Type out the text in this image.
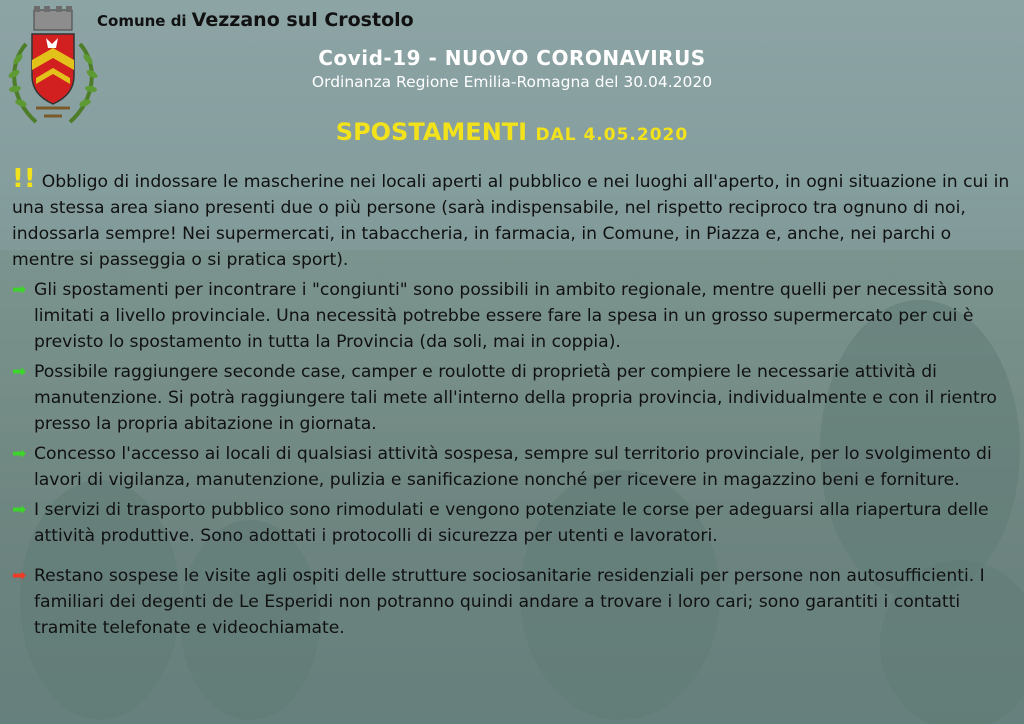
Comune di Vezzano sul Crostolo
Covid-19 - NUOVO CORONAVIRUS
Ordinanza Regione Emilia-Romagna del 30.04.2020
SPOSTAMENTI DAL 4.05.2020

!! Obbligo di indossare le mascherine nei locali aperti al pubblico e nei luoghi all'aperto, in ogni situazione in cui in una stessa area siano presenti due o più persone (sarà indispensabile, nel rispetto reciproco tra ognuno di noi, indossarla sempre! Nei supermercati, in tabaccheria, in farmacia, in Comune, in Piazza e, anche, nei parchi o mentre si passeggia o si pratica sport).

➡ Gli spostamenti per incontrare i "congiunti" sono possibili in ambito regionale, mentre quelli per necessità sono limitati a livello provinciale. Una necessità potrebbe essere fare la spesa in un grosso supermercato per cui è previsto lo spostamento in tutta la Provincia (da soli, mai in coppia).
➡ Possibile raggiungere seconde case, camper e roulotte di proprietà per compiere le necessarie attività di manutenzione. Si potrà raggiungere tali mete all'interno della propria provincia, individualmente e con il rientro presso la propria abitazione in giornata.
➡ Concesso l'accesso ai locali di qualsiasi attività sospesa, sempre sul territorio provinciale, per lo svolgimento di lavori di vigilanza, manutenzione, pulizia e sanificazione nonché per ricevere in magazzino beni e forniture.
➡ I servizi di trasporto pubblico sono rimodulati e vengono potenziate le corse per adeguarsi alla riapertura delle attività produttive. Sono adottati i protocolli di sicurezza per utenti e lavoratori.
➡ Restano sospese le visite agli ospiti delle strutture sociosanitarie residenziali per persone non autosufficienti. I familiari dei degenti de Le Esperidi non potranno quindi andare a trovare i loro cari; sono garantiti i contatti tramite telefonate e videochiamate.
